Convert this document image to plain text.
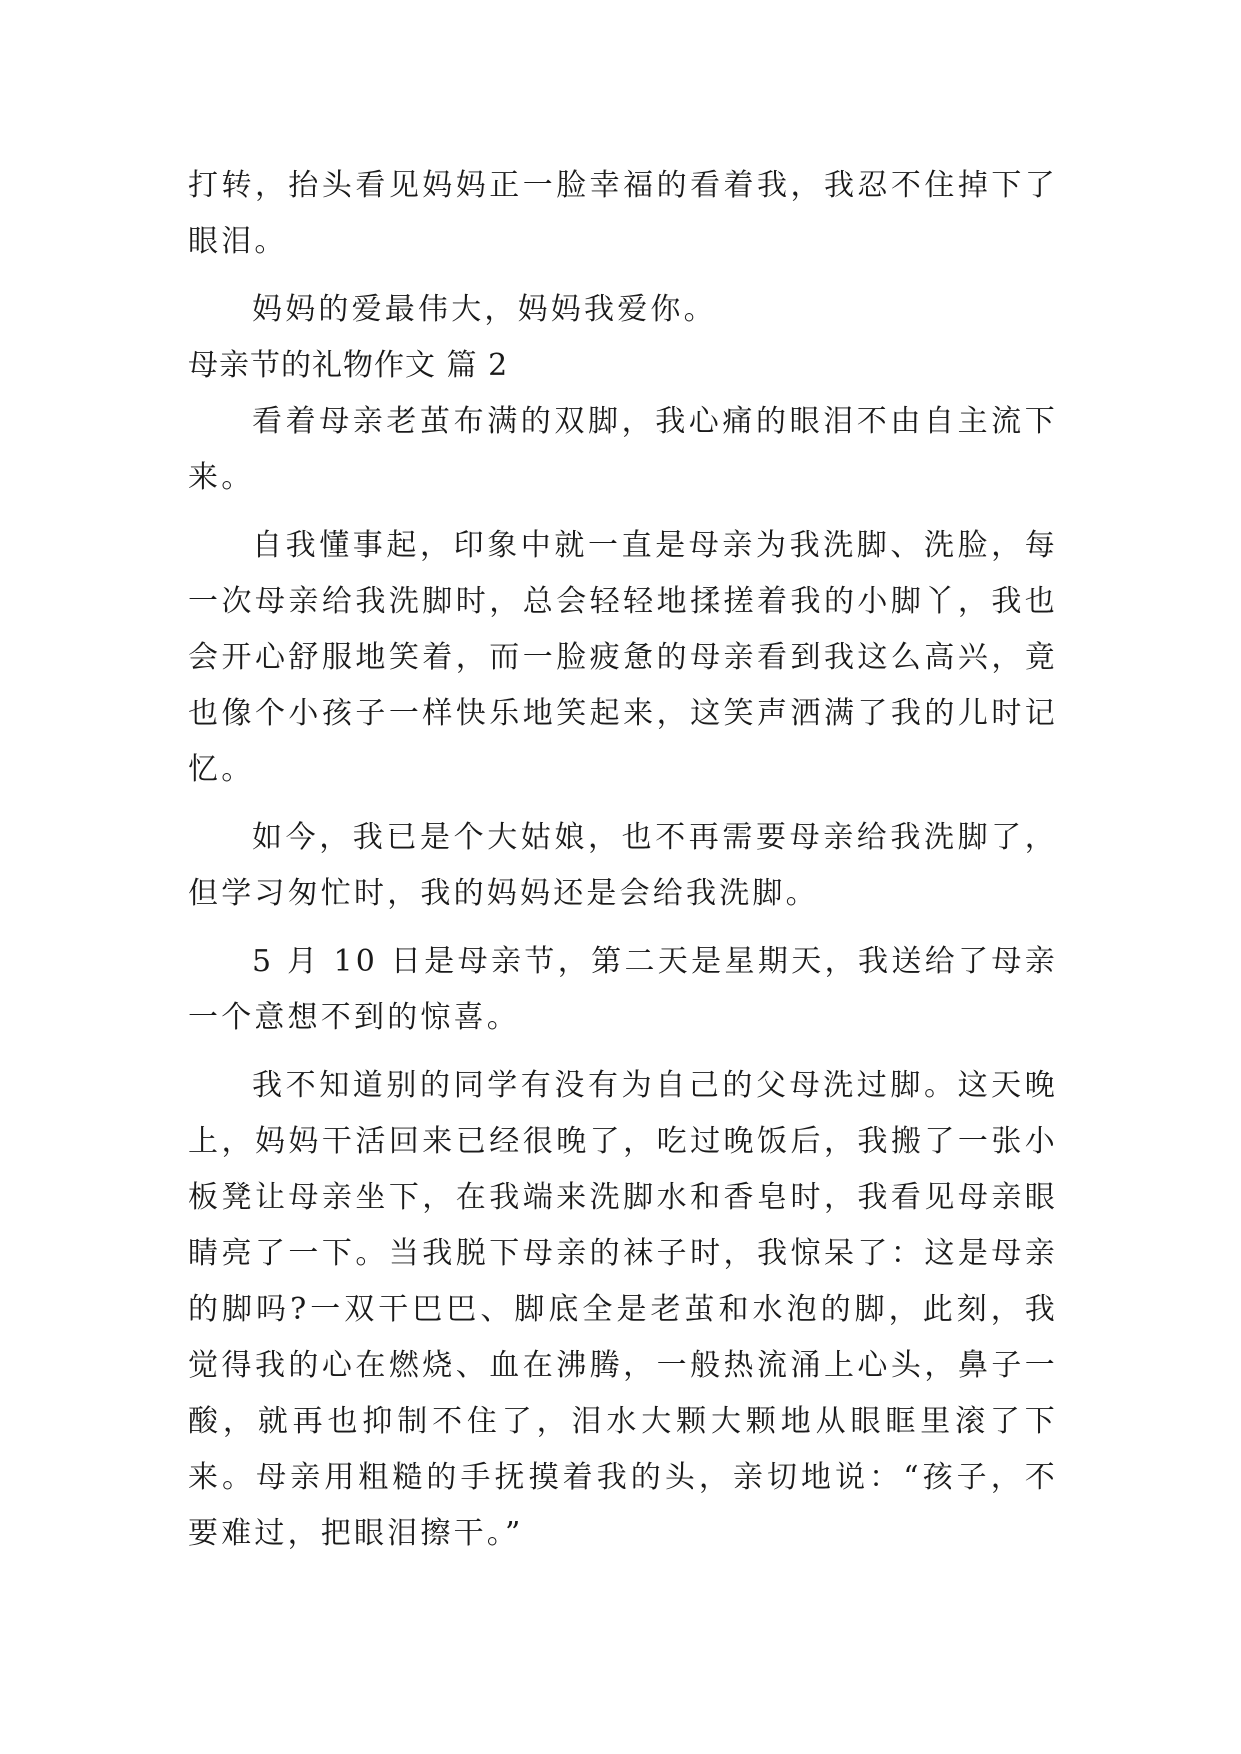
打转，抬头看见妈妈正一脸幸福的看着我，我忍不住掉下了眼泪。

妈妈的爱最伟大，妈妈我爱你。

母亲节的礼物作文 篇 2

看着母亲老茧布满的双脚，我心痛的眼泪不由自主流下来。

自我懂事起，印象中就一直是母亲为我洗脚、洗脸，每一次母亲给我洗脚时，总会轻轻地揉搓着我的小脚丫，我也会开心舒服地笑着，而一脸疲惫的母亲看到我这么高兴，竟也像个小孩子一样快乐地笑起来，这笑声洒满了我的儿时记忆。

如今，我已是个大姑娘，也不再需要母亲给我洗脚了，但学习匆忙时，我的妈妈还是会给我洗脚。

5 月 10 日是母亲节，第二天是星期天，我送给了母亲一个意想不到的惊喜。

我不知道别的同学有没有为自己的父母洗过脚。这天晚上，妈妈干活回来已经很晚了，吃过晚饭后，我搬了一张小板凳让母亲坐下，在我端来洗脚水和香皂时，我看见母亲眼睛亮了一下。当我脱下母亲的袜子时，我惊呆了：这是母亲的脚吗?一双干巴巴、脚底全是老茧和水泡的脚，此刻，我觉得我的心在燃烧、血在沸腾，一般热流涌上心头，鼻子一酸，就再也抑制不住了，泪水大颗大颗地从眼眶里滚了下来。母亲用粗糙的手抚摸着我的头，亲切地说：“孩子，不要难过，把眼泪擦干。”
